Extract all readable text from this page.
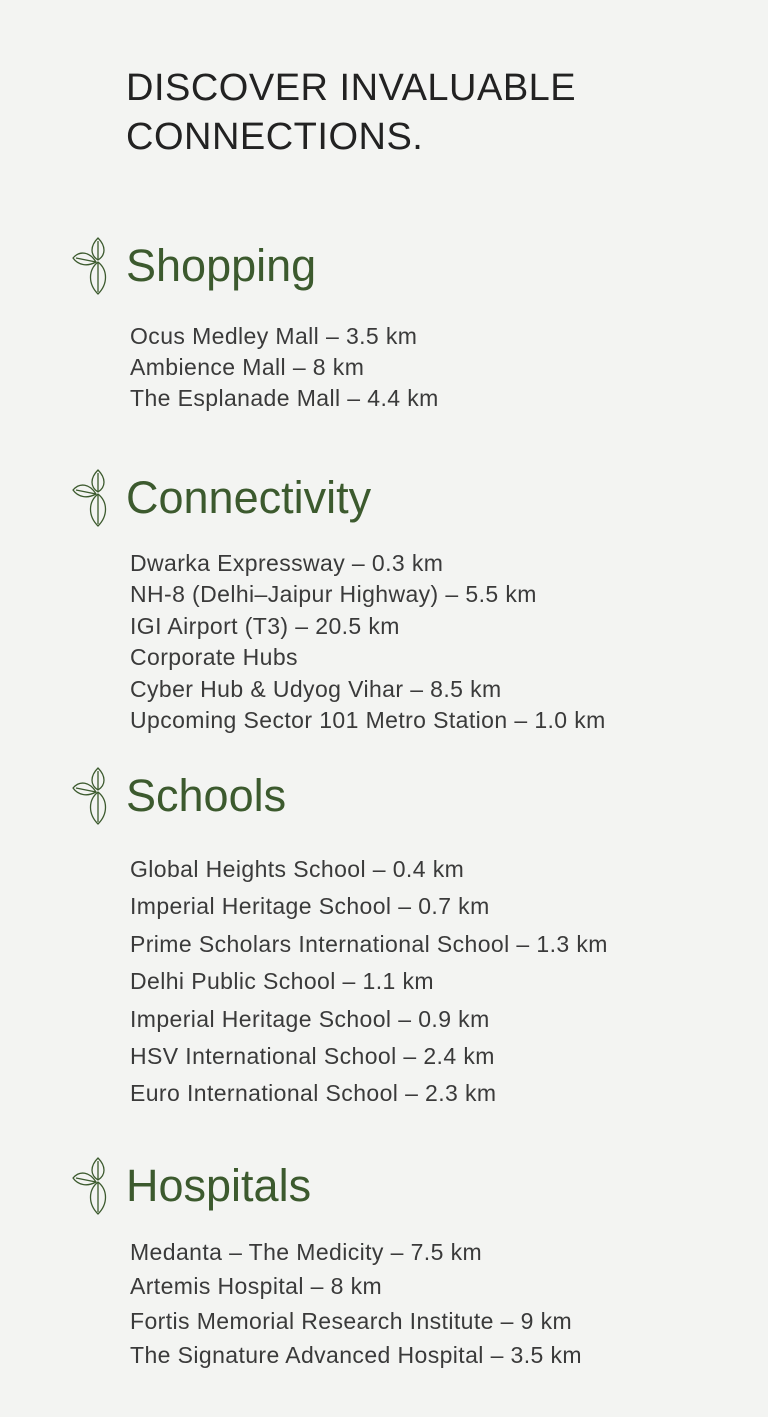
DISCOVER INVALUABLE
CONNECTIONS.
Shopping
Ocus Medley Mall – 3.5 km
Ambience Mall – 8 km
The Esplanade Mall – 4.4 km
Connectivity
Dwarka Expressway – 0.3 km
NH-8 (Delhi–Jaipur Highway) – 5.5 km
IGI Airport (T3) – 20.5 km
Corporate Hubs
Cyber Hub & Udyog Vihar – 8.5 km
Upcoming Sector 101 Metro Station – 1.0 km
Schools
Global Heights School – 0.4 km
Imperial Heritage School – 0.7 km
Prime Scholars International School – 1.3 km
Delhi Public School – 1.1 km
Imperial Heritage School – 0.9 km
HSV International School – 2.4 km
Euro International School – 2.3 km
Hospitals
Medanta – The Medicity – 7.5 km
Artemis Hospital – 8 km
Fortis Memorial Research Institute – 9 km
The Signature Advanced Hospital – 3.5 km
